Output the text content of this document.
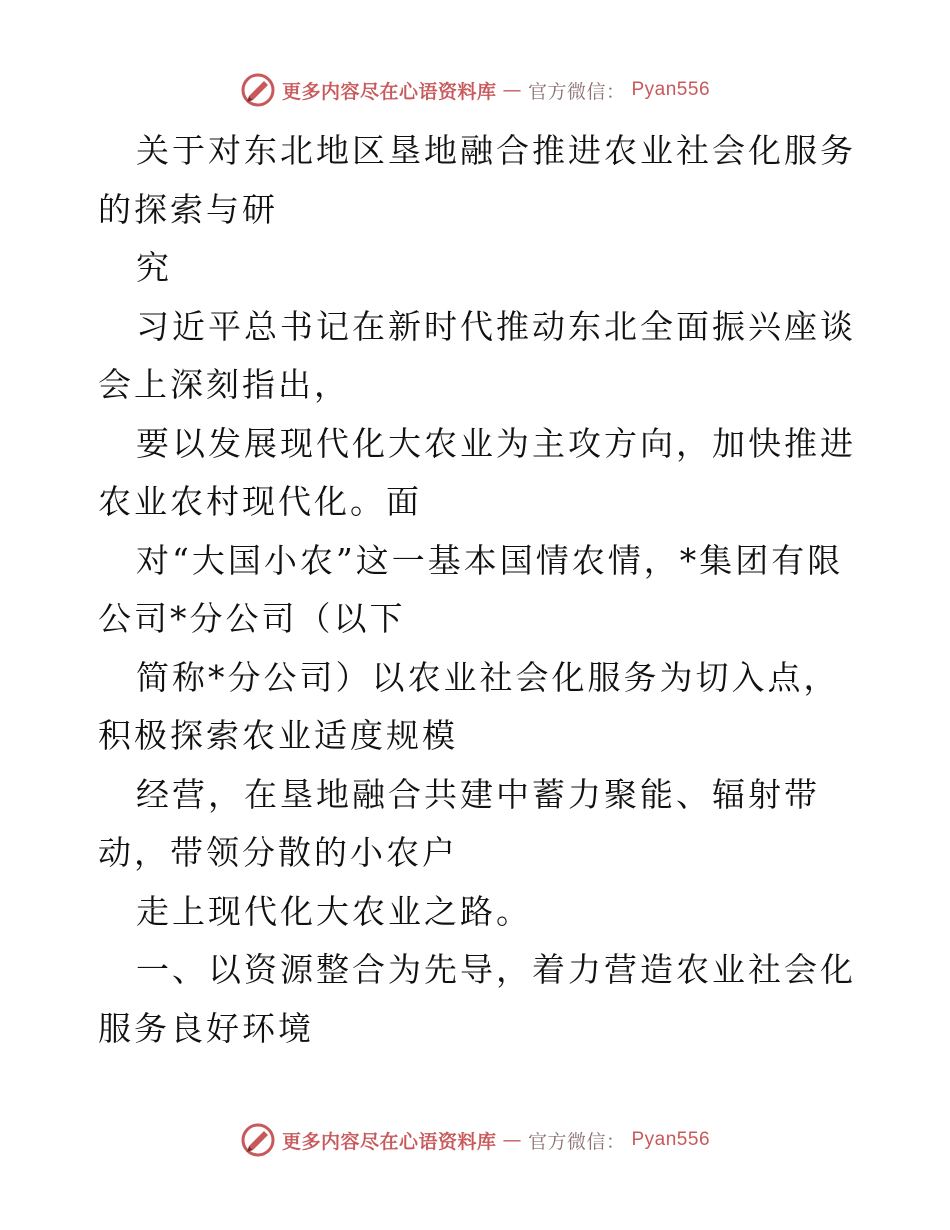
更多内容尽在心语资料库 — 官方微信： Pyan556

关于对东北地区垦地融合推进农业社会化服务的探索与研

究

习近平总书记在新时代推动东北全面振兴座谈会上深刻指出，

要以发展现代化大农业为主攻方向，加快推进农业农村现代化。面

对“大国小农”这一基本国情农情，*集团有限公司*分公司（以下

简称*分公司）以农业社会化服务为切入点，积极探索农业适度规模

经营，在垦地融合共建中蓄力聚能、辐射带动，带领分散的小农户

走上现代化大农业之路。

一、以资源整合为先导，着力营造农业社会化服务良好环境

更多内容尽在心语资料库 — 官方微信： Pyan556
